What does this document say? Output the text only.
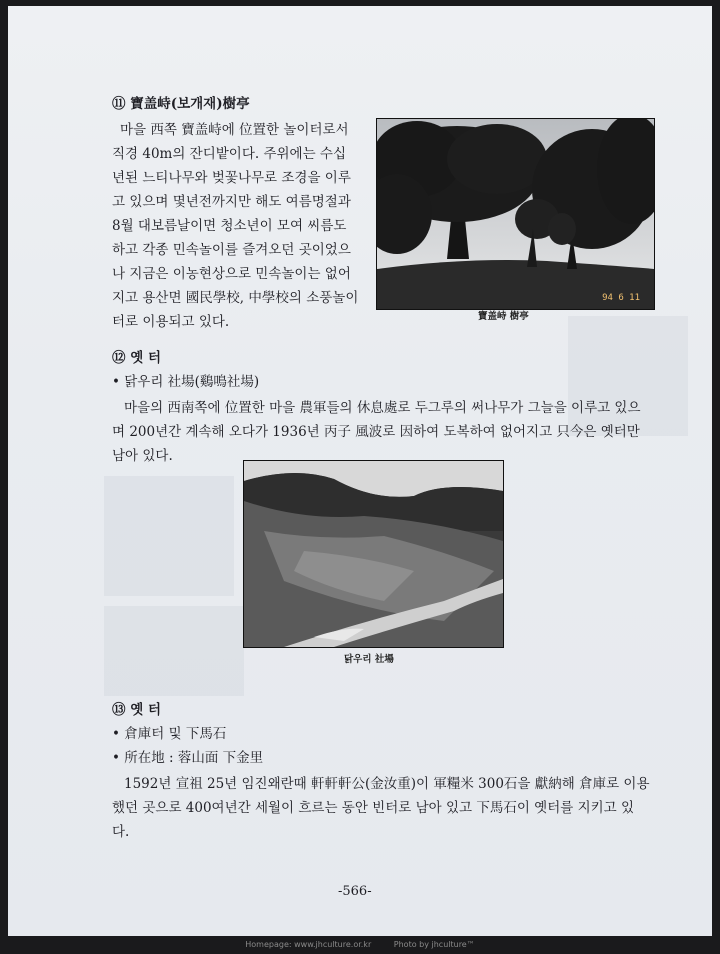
⑪ 寶盖峙(보개재)樹亭
마을 西쪽 寶盖峙에 位置한 놀이터로서
직경 40m의 잔디밭이다. 주위에는 수십
년된 느티나무와 벚꽃나무로 조경을 이루
고 있으며 몇년전까지만 해도 여름명절과
8월 대보름날이면 청소년이 모여 씨름도
하고 각종 민속놀이를 즐겨오던 곳이었으
나 지금은 이농현상으로 민속놀이는 없어
지고 용산면 國民學校, 中學校의 소풍놀이
터로 이용되고 있다.
94 6 11
寶盖峙 樹亭
⑫ 옛 터
• 닭우리 社場(鷄鳴社場)
마을의 西南쪽에 位置한 마을 農軍들의 休息處로 두그루의 써나무가 그늘을 이루고 있으
며 200년간 계속해 오다가 1936년 丙子 風波로 因하여 도복하여 없어지고 只今은 옛터만
남아 있다.
닭우리 社場
⑬ 옛 터
• 倉庫터 및 下馬石
• 所在地 : 蓉山面 下金里
1592년 宣祖 25년 임진왜란때 軒軒軒公(金汝重)이 軍糧米 300石을 獻納해 倉庫로 이용
했던 곳으로 400여년간 세월이 흐르는 동안 빈터로 남아 있고 下馬石이 옛터를 지키고 있
다.
-566-
Homepage: www.jhculture.or.kr	Photo by jhculture™
